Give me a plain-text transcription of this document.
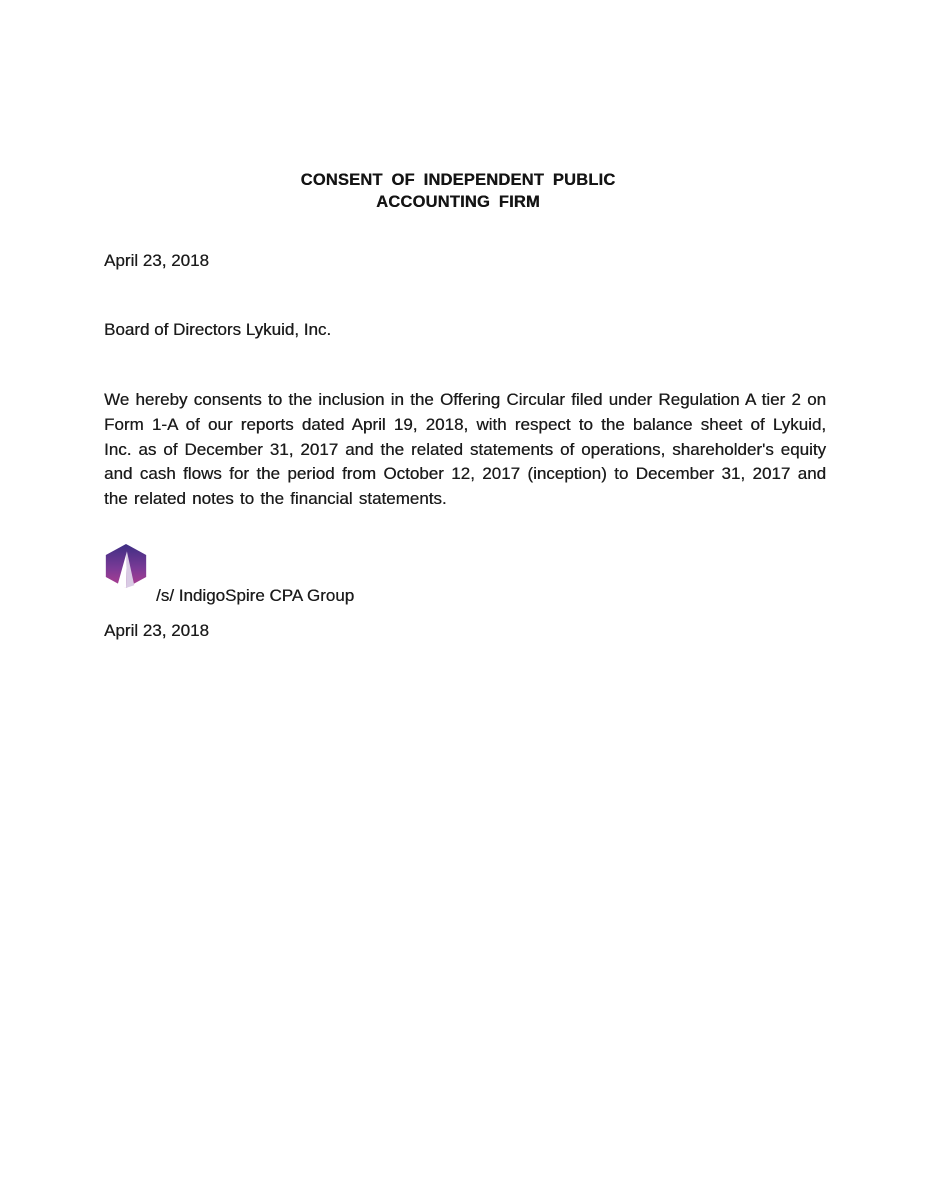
CONSENT OF INDEPENDENT PUBLIC
ACCOUNTING FIRM
April 23, 2018
Board of Directors Lykuid, Inc.
We hereby consents to the inclusion in the Offering Circular filed under Regulation A tier 2 on Form 1-A of our reports dated April 19, 2018, with respect to the balance sheet of Lykuid, Inc. as of December 31, 2017 and the related statements of operations, shareholder's equity and cash flows for the period from October 12, 2017 (inception) to December 31, 2017 and the related notes to the financial statements.
/s/ IndigoSpire CPA Group
April 23, 2018
